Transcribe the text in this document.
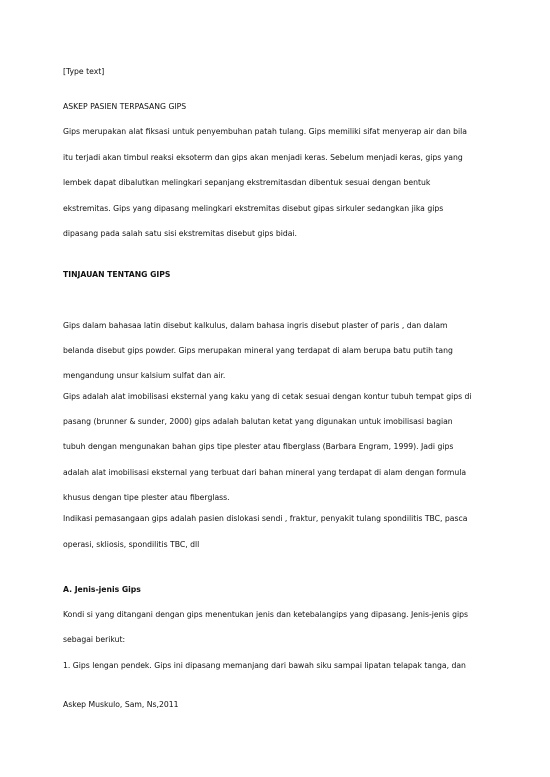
[Type text]

ASKEP PASIEN TERPASANG GIPS

Gips merupakan alat fiksasi untuk penyembuhan patah tulang. Gips memiliki sifat menyerap air dan bila

itu terjadi akan timbul reaksi eksoterm dan gips akan menjadi keras. Sebelum menjadi keras, gips yang

lembek dapat dibalutkan melingkari sepanjang ekstremitasdan dibentuk sesuai dengan bentuk

ekstremitas. Gips yang dipasang melingkari ekstremitas disebut gipas sirkuler sedangkan jika gips

dipasang pada salah satu sisi ekstremitas disebut gips bidai.

TINJAUAN TENTANG GIPS

Gips dalam bahasaa latin disebut kalkulus, dalam bahasa ingris disebut plaster of paris , dan dalam

belanda disebut gips powder. Gips merupakan mineral yang terdapat di alam berupa batu putih tang

mengandung unsur kalsium sulfat dan air.

Gips adalah alat imobilisasi eksternal yang kaku yang di cetak sesuai dengan kontur tubuh tempat gips di

pasang (brunner & sunder, 2000) gips adalah balutan ketat yang digunakan untuk imobilisasi bagian

tubuh dengan mengunakan bahan gips tipe plester atau fiberglass (Barbara Engram, 1999). Jadi gips

adalah alat imobilisasi eksternal yang terbuat dari bahan mineral yang terdapat di alam dengan formula

khusus dengan tipe plester atau fiberglass.

Indikasi pemasangaan gips adalah pasien dislokasi sendi , fraktur, penyakit tulang spondilitis TBC, pasca

operasi, skliosis, spondilitis TBC, dll

A. Jenis-jenis Gips

Kondi si yang ditangani dengan gips menentukan jenis dan ketebalangips yang dipasang. Jenis-jenis gips

sebagai berikut:

1. Gips lengan pendek. Gips ini dipasang memanjang dari bawah siku sampai lipatan telapak tanga, dan

Askep Muskulo, Sam, Ns,2011
